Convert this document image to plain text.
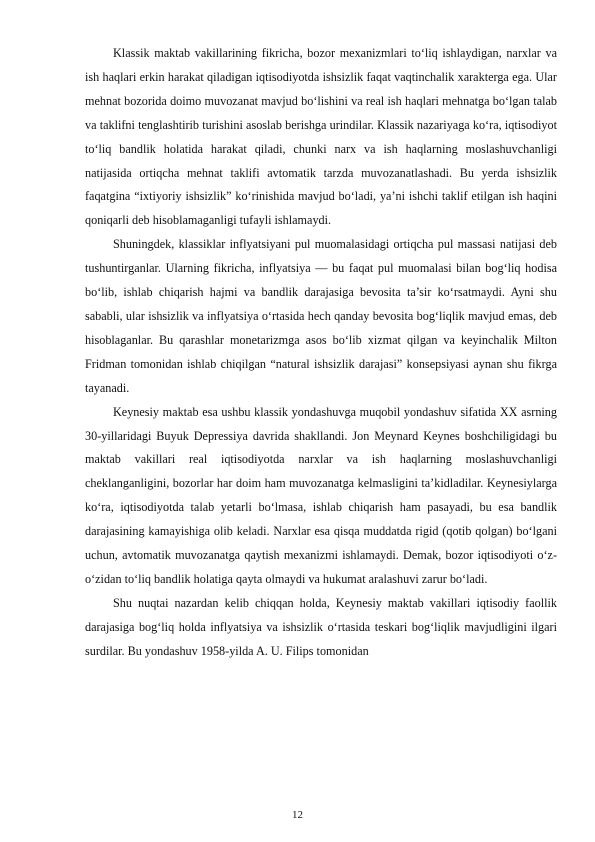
Klassik maktab vakillarining fikricha, bozor mexanizmlari to‘liq ishlaydigan, narxlar va ish haqlari erkin harakat qiladigan iqtisodiyotda ishsizlik faqat vaqtinchalik xarakterga ega. Ular mehnat bozorida doimo muvozanat mavjud bo‘lishini va real ish haqlari mehnatga bo‘lgan talab va taklifni tenglashtirib turishini asoslab berishga urindilar. Klassik nazariyaga ko‘ra, iqtisodiyot to‘liq bandlik holatida harakat qiladi, chunki narx va ish haqlarning moslashuvchanligi natijasida ortiqcha mehnat taklifi avtomatik tarzda muvozanatlashadi. Bu yerda ishsizlik faqatgina “ixtiyoriy ishsizlik” ko‘rinishida mavjud bo‘ladi, ya’ni ishchi taklif etilgan ish haqini qoniqarli deb hisoblamaganligi tufayli ishlamaydi.

Shuningdek, klassiklar inflyatsiyani pul muomalasidagi ortiqcha pul massasi natijasi deb tushuntirganlar. Ularning fikricha, inflyatsiya — bu faqat pul muomalasi bilan bog‘liq hodisa bo‘lib, ishlab chiqarish hajmi va bandlik darajasiga bevosita ta’sir ko‘rsatmaydi. Ayni shu sababli, ular ishsizlik va inflyatsiya o‘rtasida hech qanday bevosita bog‘liqlik mavjud emas, deb hisoblaganlar. Bu qarashlar monetarizmga asos bo‘lib xizmat qilgan va keyinchalik Milton Fridman tomonidan ishlab chiqilgan “natural ishsizlik darajasi” konsepsiyasi aynan shu fikrga tayanadi.

Keynesiy maktab esa ushbu klassik yondashuvga muqobil yondashuv sifatida XX asrning 30-yillaridagi Buyuk Depressiya davrida shakllandi. Jon Meynard Keynes boshchiligidagi bu maktab vakillari real iqtisodiyotda narxlar va ish haqlarning moslashuvchanligi cheklanganligini, bozorlar har doim ham muvozanatga kelmasligini ta’kidladilar. Keynesiylarga ko‘ra, iqtisodiyotda talab yetarli bo‘lmasa, ishlab chiqarish ham pasayadi, bu esa bandlik darajasining kamayishiga olib keladi. Narxlar esa qisqa muddatda rigid (qotib qolgan) bo‘lgani uchun, avtomatik muvozanatga qaytish mexanizmi ishlamaydi. Demak, bozor iqtisodiyoti o‘z-o‘zidan to‘liq bandlik holatiga qayta olmaydi va hukumat aralashuvi zarur bo‘ladi.

Shu nuqtai nazardan kelib chiqqan holda, Keynesiy maktab vakillari iqtisodiy faollik darajasiga bog‘liq holda inflyatsiya va ishsizlik o‘rtasida teskari bog‘liqlik mavjudligini ilgari surdilar. Bu yondashuv 1958-yilda A. U. Filips tomonidan

12
